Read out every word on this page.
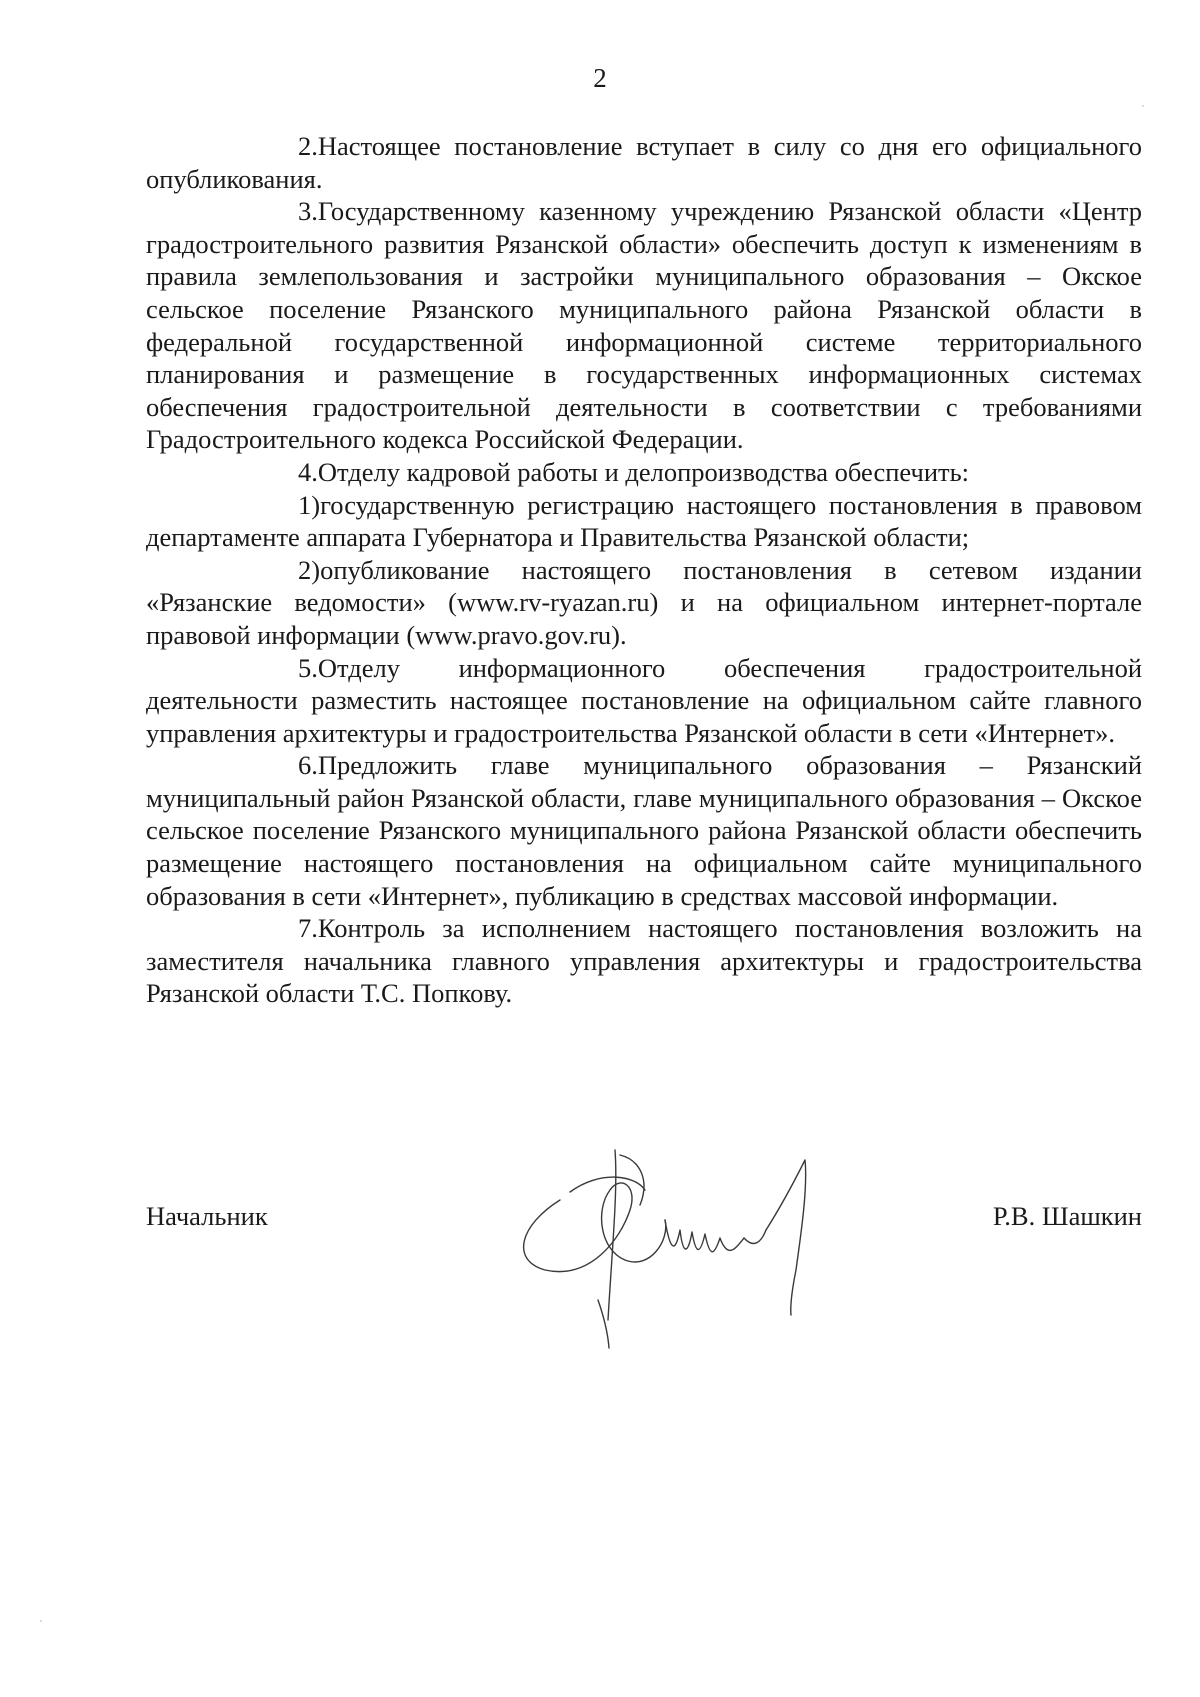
2

2.Настоящее постановление вступает в силу со дня его официального опубликования.

3.Государственному казенному учреждению Рязанской области «Центр градостроительного развития Рязанской области» обеспечить доступ к изменениям в правила землепользования и застройки муниципального образования – Окское сельское поселение Рязанского муниципального района Рязанской области в федеральной государственной информационной системе территориального планирования и размещение в государственных информационных системах обеспечения градостроительной деятельности в соответствии с требованиями Градостроительного кодекса Российской Федерации.

4.Отделу кадровой работы и делопроизводства обеспечить:

1)государственную регистрацию настоящего постановления в правовом департаменте аппарата Губернатора и Правительства Рязанской области;

2)опубликование настоящего постановления в сетевом издании «Рязанские ведомости» (www.rv-ryazan.ru) и на официальном интернет-портале правовой информации (www.pravo.gov.ru).

5.Отделу информационного обеспечения градостроительной деятельности разместить настоящее постановление на официальном сайте главного управления архитектуры и градостроительства Рязанской области в сети «Интернет».

6.Предложить главе муниципального образования – Рязанский муниципальный район Рязанской области, главе муниципального образования – Окское сельское поселение Рязанского муниципального района Рязанской области обеспечить размещение настоящего постановления на официальном сайте муниципального образования в сети «Интернет», публикацию в средствах массовой информации.

7.Контроль за исполнением настоящего постановления возложить на заместителя начальника главного управления архитектуры и градостроительства Рязанской области Т.С. Попкову.

Начальник	Р.В. Шашкин
